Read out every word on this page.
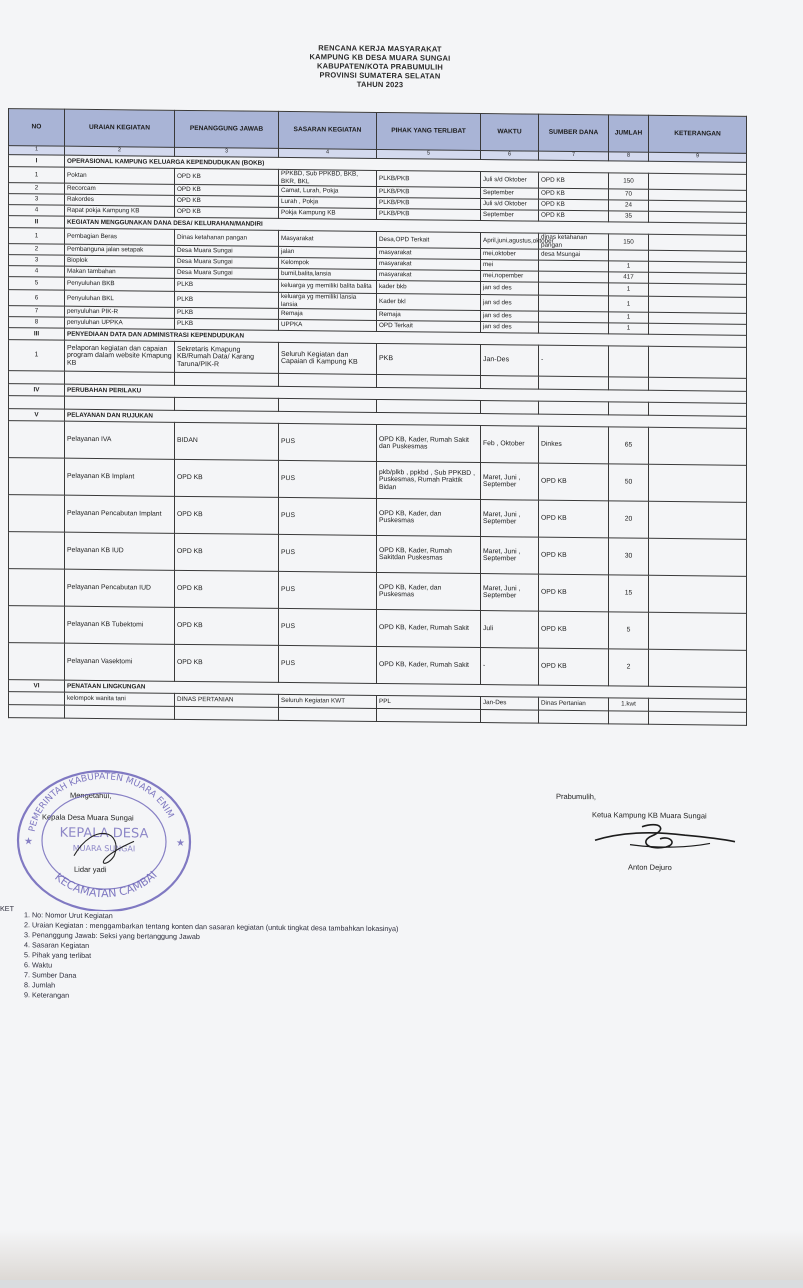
RENCANA KERJA MASYARAKAT
KAMPUNG KB DESA MUARA SUNGAI
KABUPATEN/KOTA PRABUMULIH
PROVINSI SUMATERA SELATAN
TAHUN 2023
NO	URAIAN KEGIATAN	PENANGGUNG JAWAB	SASARAN KEGIATAN	PIHAK YANG TERLIBAT	WAKTU	SUMBER DANA	JUMLAH	KETERANGAN
1	2	3	4	5	6	7	8	9
I	OPERASIONAL KAMPUNG KELUARGA KEPENDUDUKAN (BOKB)							
1	Poktan	OPD KB	PPKBD, Sub PPKBD, BKB, BKR, BKL	PLKB/PKB	Juli s/d Oktober	OPD KB	150	
2	Recorcam	OPD KB	Camat, Lurah, Pokja	PLKB/PKB	September	OPD KB	70	
3	Rakordes	OPD KB	Lurah , Pokja	PLKB/PKB	Juli s/d Oktober	OPD KB	24	
4	Rapat pokja Kampung KB	OPD KB	Pokja Kampung KB	PLKB/PKB	September	OPD KB	35	
II	KEGIATAN MENGGUNAKAN DANA DESA/ KELURAHAN/MANDIRI							
1	Pembagian Beras	Dinas ketahanan pangan	Masyarakat	Desa,OPD Terkait	April,juni,agustus,oktober	dinas ketahanan pangan	150	
2	Pembanguna jalan setapak	Desa Muara Sungai	jalan	masyarakat	mei,oktober	desa Msungai		
3	Bioplok	Desa Muara Sungai	Kelompok	masyarakat	mei		1	
4	Makan tambahan	Desa Muara Sungai	bumil,balita,lansia	masyarakat	mei,nopember		417	
5	Penyuluhan BKB	PLKB	keluarga yg memiliki balita balita	kader bkb	jan sd des		1	
6	Penyuluhan BKL	PLKB	keluarga yg memiliki lansia lansia	Kader bkl	jan sd des		1	
7	penyuluhan PIK-R	PLKB	Remaja	Remaja	jan sd des		1	
8	penyuluhan UPPKA	PLKB	UPPKA	OPD Terkait	jan sd des		1	
III	PENYEDIAAN DATA DAN ADMINISTRASI KEPENDUDUKAN							
1	Pelaporan kegiatan dan capaian program dalam website Kmapung KB	Sekretaris Kmapung KB/Rumah Data/ Karang Taruna/PIK-R	Seluruh Kegiatan dan Capaian di Kampung KB	PKB	Jan-Des	-		

IV	PERUBAHAN PERILAKU							

V	PELAYANAN DAN RUJUKAN							
	Pelayanan IVA	BIDAN	PUS	OPD KB, Kader, Rumah Sakit dan Puskesmas	Feb , Oktober	Dinkes	65	
	Pelayanan KB Implant	OPD KB	PUS	pkb/plkb , ppkbd , Sub PPKBD , Puskesmas, Rumah Praktik Bidan	Maret, Juni , September	OPD KB	50	
	Pelayanan Pencabutan Implant	OPD KB	PUS	OPD KB, Kader, dan Puskesmas	Maret, Juni , September	OPD KB	20	
	Pelayanan KB IUD	OPD KB	PUS	OPD KB, Kader, Rumah Sakitdan Puskesmas	Maret, Juni , September	OPD KB	30	
	Pelayanan Pencabutan IUD	OPD KB	PUS	OPD KB, Kader, dan Puskesmas	Maret, Juni , September	OPD KB	15	
	Pelayanan KB Tubektomi	OPD KB	PUS	OPD KB, Kader, Rumah Sakit	Juli	OPD KB	5	
	Pelayanan Vasektomi	OPD KB	PUS	OPD KB, Kader, Rumah Sakit	-	OPD KB	2	
VI	PENATAAN LINGKUNGAN							
	kelompok wanita tani	DINAS PERTANIAN	Seluruh Kegiatan KWT	PPL	Jan-Des	Dinas Pertanian	1.kwt	

Prabumulih,
Ketua Kampung KB Muara Sungai
Anton Dejuro
Mengetahui,
Kepala Desa Muara Sungai
Lidar yadi
PEMERINTAH KABUPATEN MUARA ENIM
KECAMATAN CAMBAI
KEPALA DESA
MUARA SUNGAI
★	★
KET
1. No: Nomor Urut Kegiatan
2. Uraian Kegiatan : menggambarkan tentang konten dan sasaran kegiatan (untuk tingkat desa tambahkan lokasinya)
3. Penanggung Jawab: Seksi yang bertanggung Jawab
4. Sasaran Kegiatan
5. Pihak yang terlibat
6. Waktu
7. Sumber Dana
8. Jumlah
9. Keterangan
